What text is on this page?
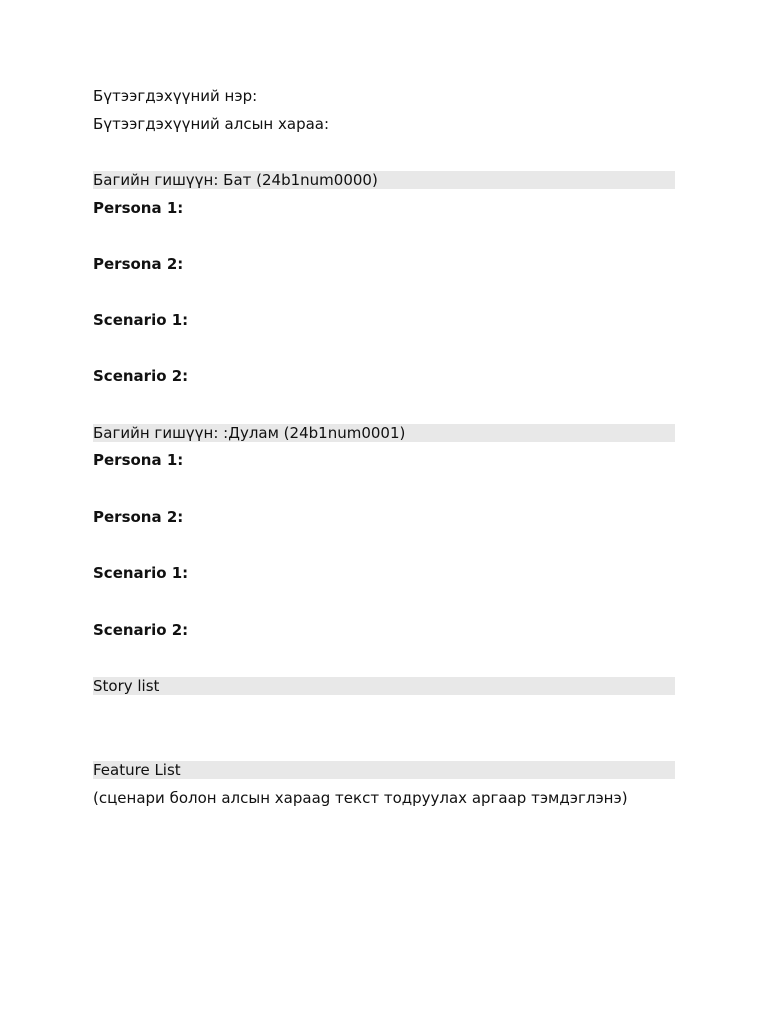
Бүтээгдэхүүний нэр:
Бүтээгдэхүүний алсын хараа:
Багийн гишүүн: Бат (24b1num0000)
Persona 1:
Persona 2:
Scenario 1:
Scenario 2:
Багийн гишүүн: :Дулам (24b1num0001)
Persona 1:
Persona 2:
Scenario 1:
Scenario 2:
Story list
Feature List
(сценари болон алсын хараag текст тодруулах аргаар тэмдэглэнэ)
